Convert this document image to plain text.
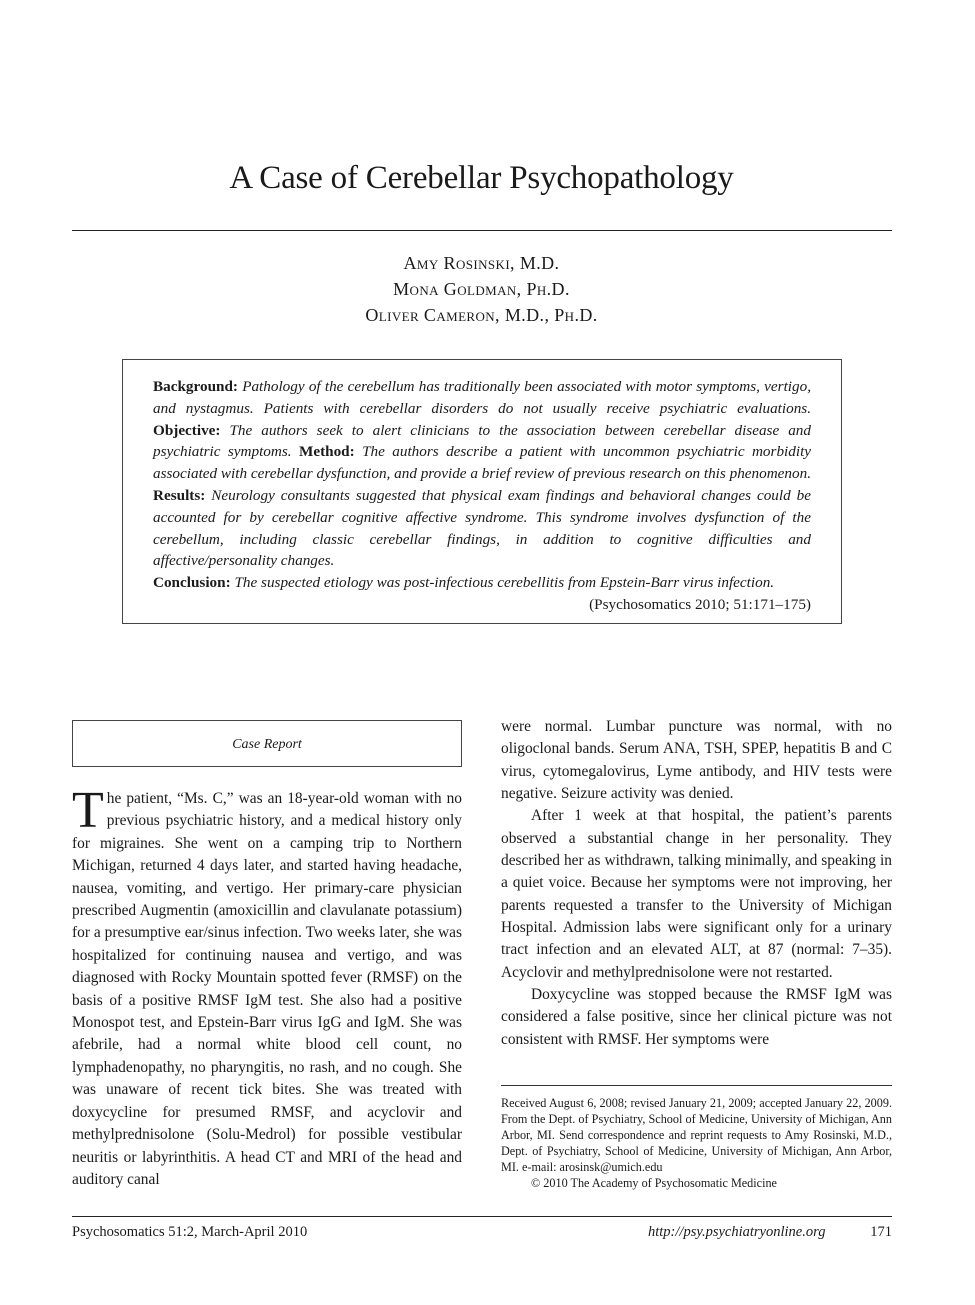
A Case of Cerebellar Psychopathology
Amy Rosinski, M.D.
Mona Goldman, Ph.D.
Oliver Cameron, M.D., Ph.D.
Background: Pathology of the cerebellum has traditionally been associated with motor symptoms, vertigo, and nystagmus. Patients with cerebellar disorders do not usually receive psychiatric evaluations. Objective: The authors seek to alert clinicians to the association between cerebellar disease and psychiatric symptoms. Method: The authors describe a patient with uncommon psychiatric morbidity associated with cerebellar dysfunction, and provide a brief review of previous research on this phenomenon. Results: Neurology consultants suggested that physical exam findings and behavioral changes could be accounted for by cerebellar cognitive affective syndrome. This syndrome involves dysfunction of the cerebellum, including classic cerebellar findings, in addition to cognitive difficulties and affective/personality changes.
Conclusion: The suspected etiology was post-infectious cerebellitis from Epstein-Barr virus infection.
(Psychosomatics 2010; 51:171–175)
Case Report
The patient, “Ms. C,” was an 18-year-old woman with no previous psychiatric history, and a medical history only for migraines. She went on a camping trip to Northern Michigan, returned 4 days later, and started having headache, nausea, vomiting, and vertigo. Her primary-care physician prescribed Augmentin (amoxicillin and clavulanate potassium) for a presumptive ear/sinus infection. Two weeks later, she was hospitalized for continuing nausea and vertigo, and was diagnosed with Rocky Mountain spotted fever (RMSF) on the basis of a positive RMSF IgM test. She also had a positive Monospot test, and Epstein-Barr virus IgG and IgM. She was afebrile, had a normal white blood cell count, no lymphadenopathy, no pharyngitis, no rash, and no cough. She was unaware of recent tick bites. She was treated with doxycycline for presumed RMSF, and acyclovir and methylprednisolone (Solu-Medrol) for possible vestibular neuritis or labyrinthitis. A head CT and MRI of the head and auditory canal

were normal. Lumbar puncture was normal, with no oligoclonal bands. Serum ANA, TSH, SPEP, hepatitis B and C virus, cytomegalovirus, Lyme antibody, and HIV tests were negative. Seizure activity was denied.

After 1 week at that hospital, the patient’s parents observed a substantial change in her personality. They described her as withdrawn, talking minimally, and speaking in a quiet voice. Because her symptoms were not improving, her parents requested a transfer to the University of Michigan Hospital. Admission labs were significant only for a urinary tract infection and an elevated ALT, at 87 (normal: 7–35). Acyclovir and methylprednisolone were not restarted.

Doxycycline was stopped because the RMSF IgM was considered a false positive, since her clinical picture was not consistent with RMSF. Her symptoms were

Received August 6, 2008; revised January 21, 2009; accepted January 22, 2009. From the Dept. of Psychiatry, School of Medicine, University of Michigan, Ann Arbor, MI. Send correspondence and reprint requests to Amy Rosinski, M.D., Dept. of Psychiatry, School of Medicine, University of Michigan, Ann Arbor, MI. e-mail: arosinsk@umich.edu
© 2010 The Academy of Psychosomatic Medicine
Psychosomatics 51:2, March-April 2010	http://psy.psychiatryonline.org	171
